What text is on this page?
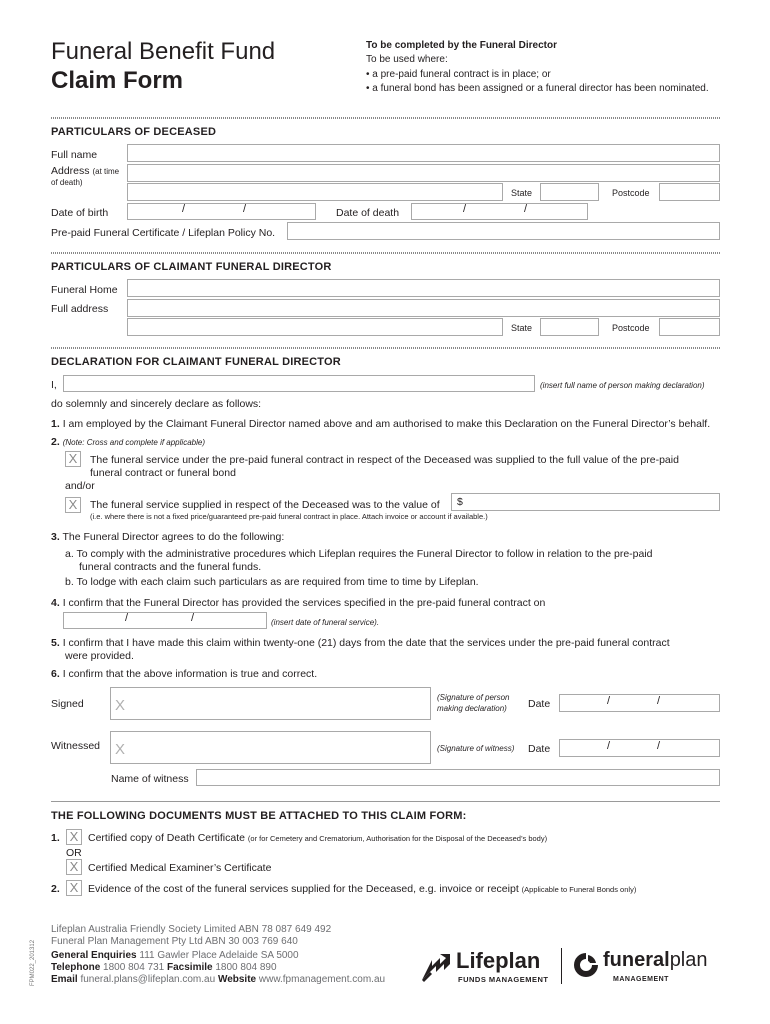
Funeral Benefit Fund
Claim Form
To be completed by the Funeral Director
To be used where:
• a pre-paid funeral contract is in place; or
• a funeral bond has been assigned or a funeral director has been nominated.
PARTICULARS OF DECEASED
Full name
Address (at time
of death)
State	Postcode
Date of birth	/	/	Date of death	/	/
Pre-paid Funeral Certificate / Lifeplan Policy No.
PARTICULARS OF CLAIMANT FUNERAL DIRECTOR
Funeral Home
Full address
State	Postcode
DECLARATION FOR CLAIMANT FUNERAL DIRECTOR
I,	(insert full name of person making declaration)
do solemnly and sincerely declare as follows:
1. I am employed by the Claimant Funeral Director named above and am authorised to make this Declaration on the Funeral Director’s behalf.
2. (Note: Cross and complete if applicable)
X	The funeral service under the pre-paid funeral contract in respect of the Deceased was supplied to the full value of the pre-paid
funeral contract or funeral bond
and/or
X	The funeral service supplied in respect of the Deceased was to the value of $
(i.e. where there is not a fixed price/guaranteed pre-paid funeral contract in place. Attach invoice or account if available.)
3. The Funeral Director agrees to do the following:
a. To comply with the administrative procedures which Lifeplan requires the Funeral Director to follow in relation to the pre-paid
funeral contracts and the funeral funds.
b. To lodge with each claim such particulars as are required from time to time by Lifeplan.
4. I confirm that the Funeral Director has provided the services specified in the pre-paid funeral contract on
/	/	(insert date of funeral service).
5. I confirm that I have made this claim within twenty-one (21) days from the date that the services under the pre-paid funeral contract
were provided.
6. I confirm that the above information is true and correct.
Signed X	(Signature of person
making declaration) Date	/	/
Witnessed X	(Signature of witness) Date	/	/
Name of witness
THE FOLLOWING DOCUMENTS MUST BE ATTACHED TO THIS CLAIM FORM:
1. X Certified copy of Death Certificate (or for Cemetery and Crematorium, Authorisation for the Disposal of the Deceased’s body)
OR
X Certified Medical Examiner’s Certificate
2. X Evidence of the cost of the funeral services supplied for the Deceased, e.g. invoice or receipt (Applicable to Funeral Bonds only)
FPM022_201312
Lifeplan Australia Friendly Society Limited ABN 78 087 649 492
Funeral Plan Management Pty Ltd ABN 30 003 769 640
General Enquiries 111 Gawler Place Adelaide SA 5000
Telephone 1800 804 731 Facsimile 1800 804 890
Email funeral.plans@lifeplan.com.au Website www.fpmanagement.com.au
Lifeplan
FUNDS MANAGEMENT
funeralplan
MANAGEMENT
